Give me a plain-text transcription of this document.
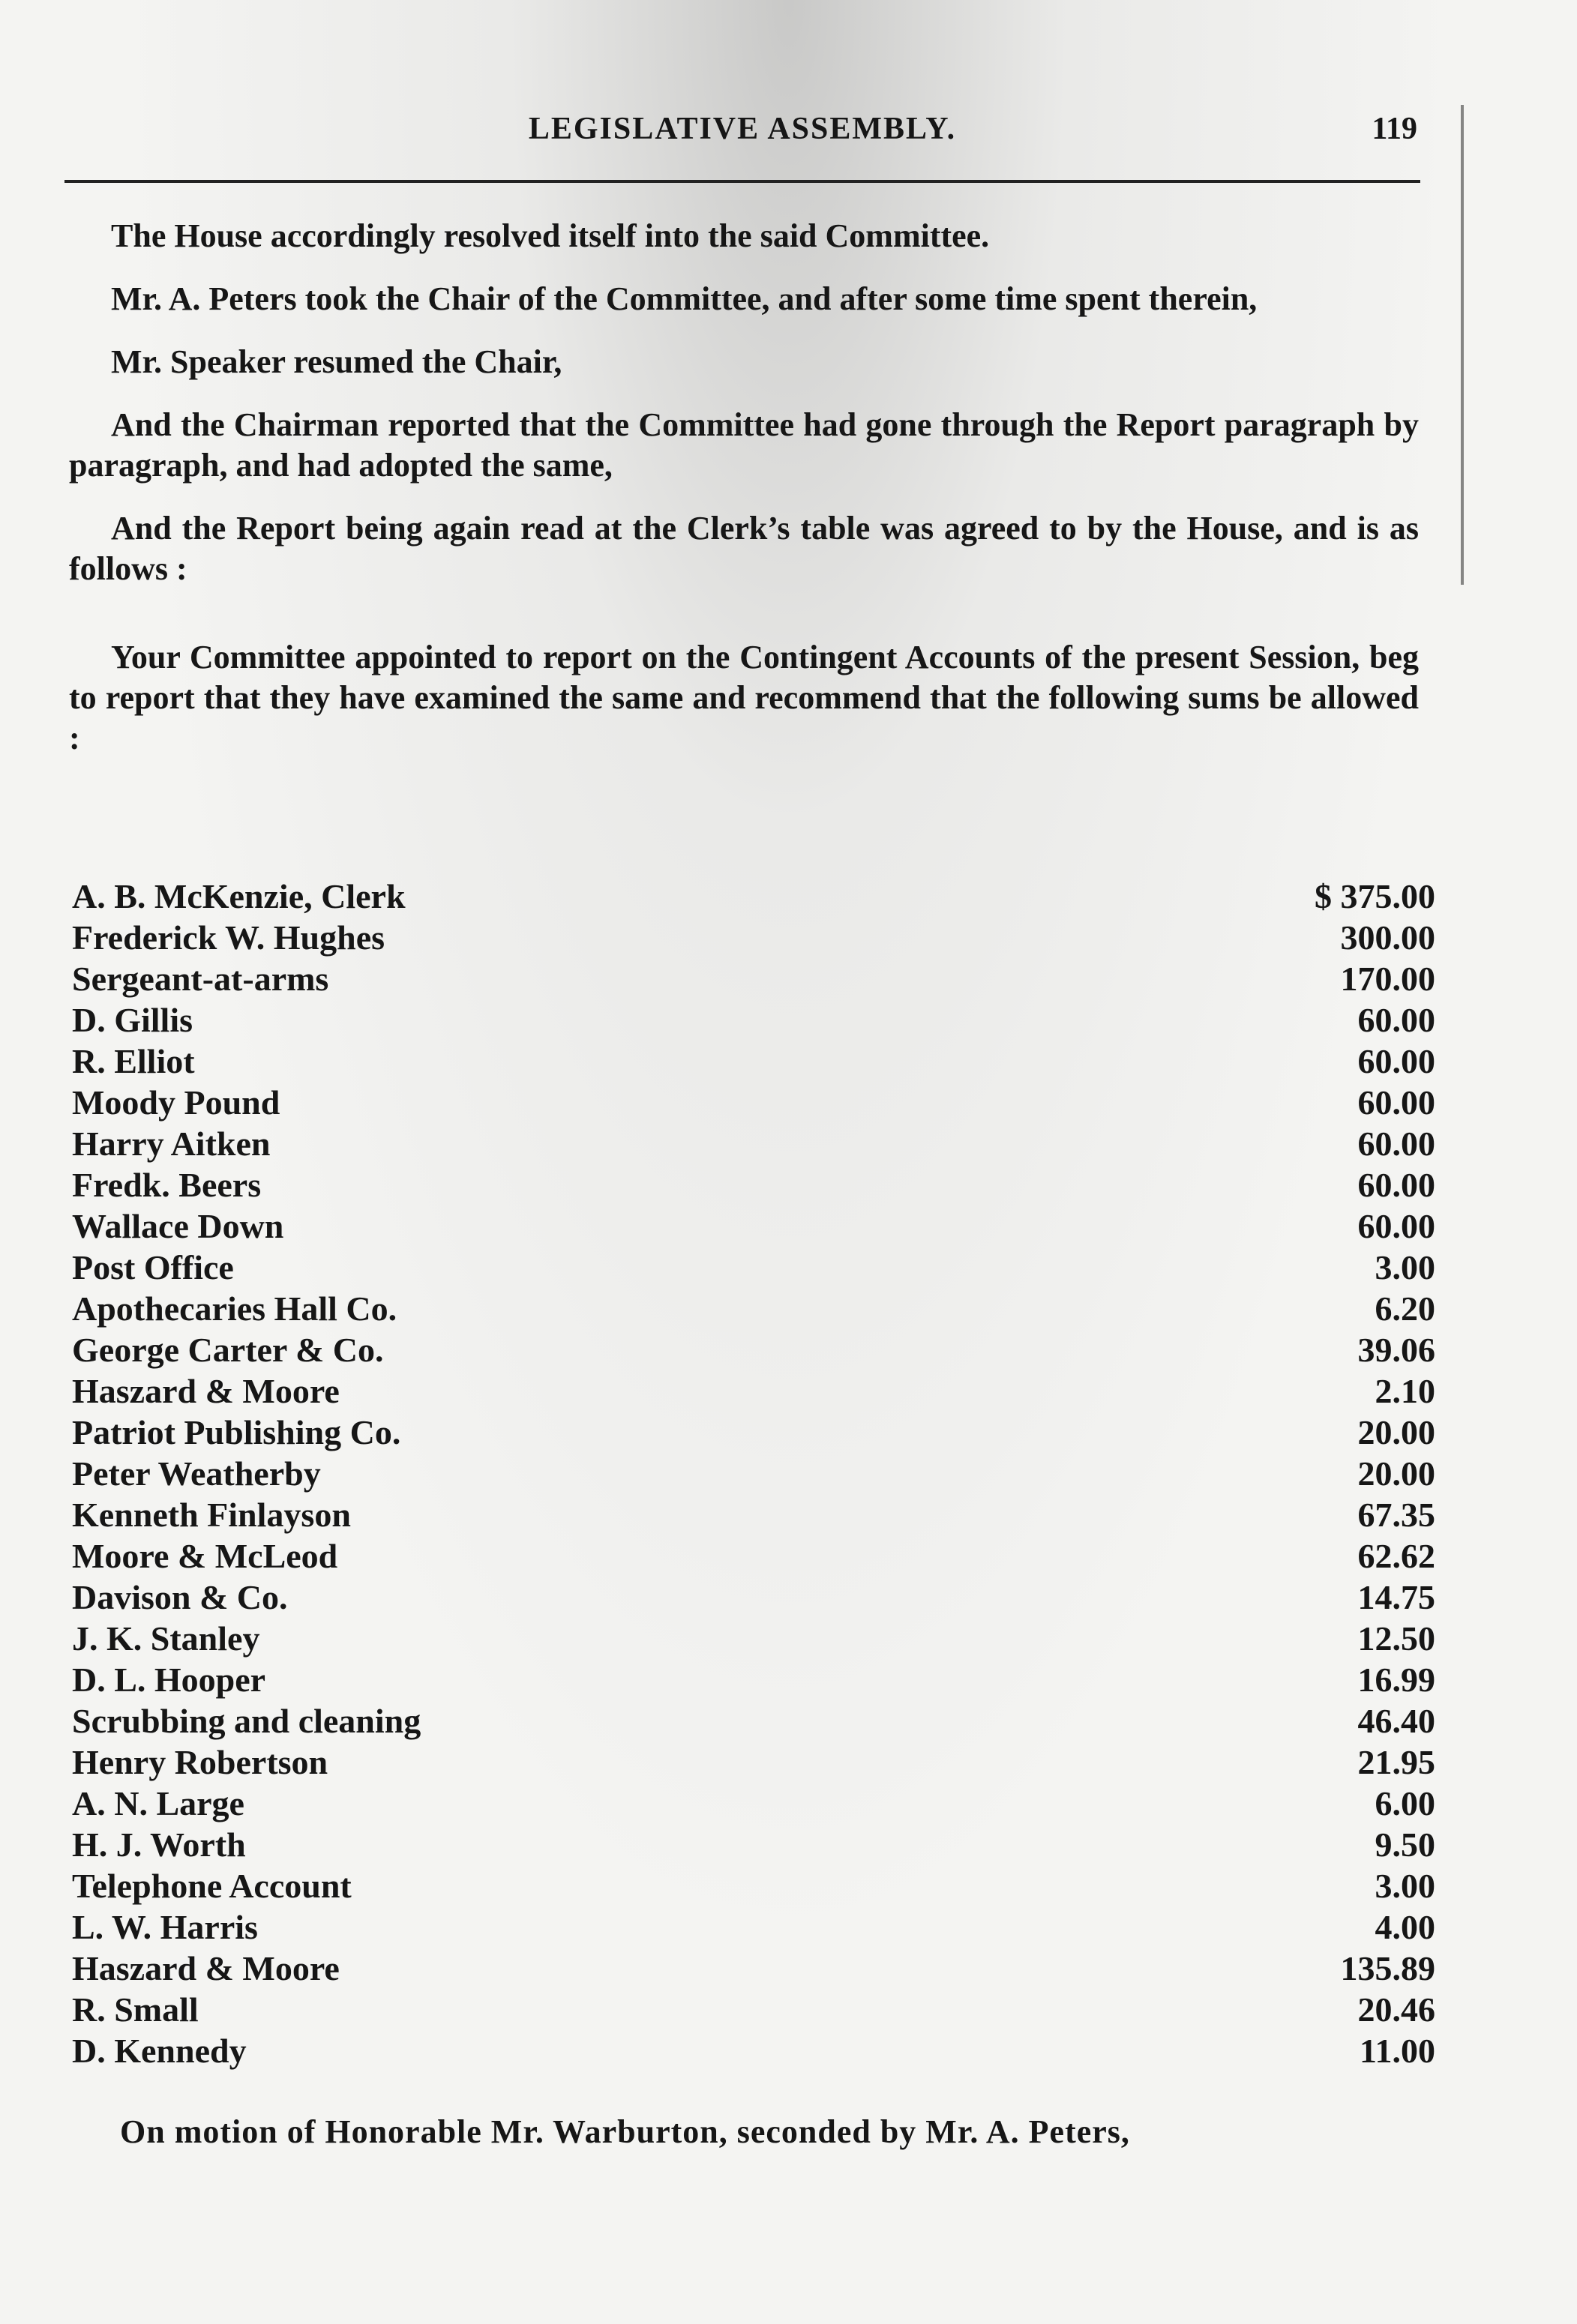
LEGISLATIVE ASSEMBLY.	119

The House accordingly resolved itself into the said Committee.

Mr. A. Peters took the Chair of the Committee, and after some time spent therein,

Mr. Speaker resumed the Chair,

And the Chairman reported that the Committee had gone through the Report paragraph by paragraph, and had adopted the same,

And the Report being again read at the Clerk’s table was agreed to by the House, and is as follows :

Your Committee appointed to report on the Contingent Accounts of the present Session, beg to report that they have examined the same and recommend that the following sums be allowed :

A. B. McKenzie, Clerk	$ 375.00
Frederick W. Hughes	300.00
Sergeant-at-arms	170.00
D. Gillis	60.00
R. Elliot	60.00
Moody Pound	60.00
Harry Aitken	60.00
Fredk. Beers	60.00
Wallace Down	60.00
Post Office	3.00
Apothecaries Hall Co.	6.20
George Carter & Co.	39.06
Haszard & Moore	2.10
Patriot Publishing Co.	20.00
Peter Weatherby	20.00
Kenneth Finlayson	67.35
Moore & McLeod	62.62
Davison & Co.	14.75
J. K. Stanley	12.50
D. L. Hooper	16.99
Scrubbing and cleaning	46.40
Henry Robertson	21.95
A. N. Large	6.00
H. J. Worth	9.50
Telephone Account	3.00
L. W. Harris	4.00
Haszard & Moore	135.89
R. Small	20.46
D. Kennedy	11.00
On motion of Honorable Mr. Warburton, seconded by Mr. A. Peters,
